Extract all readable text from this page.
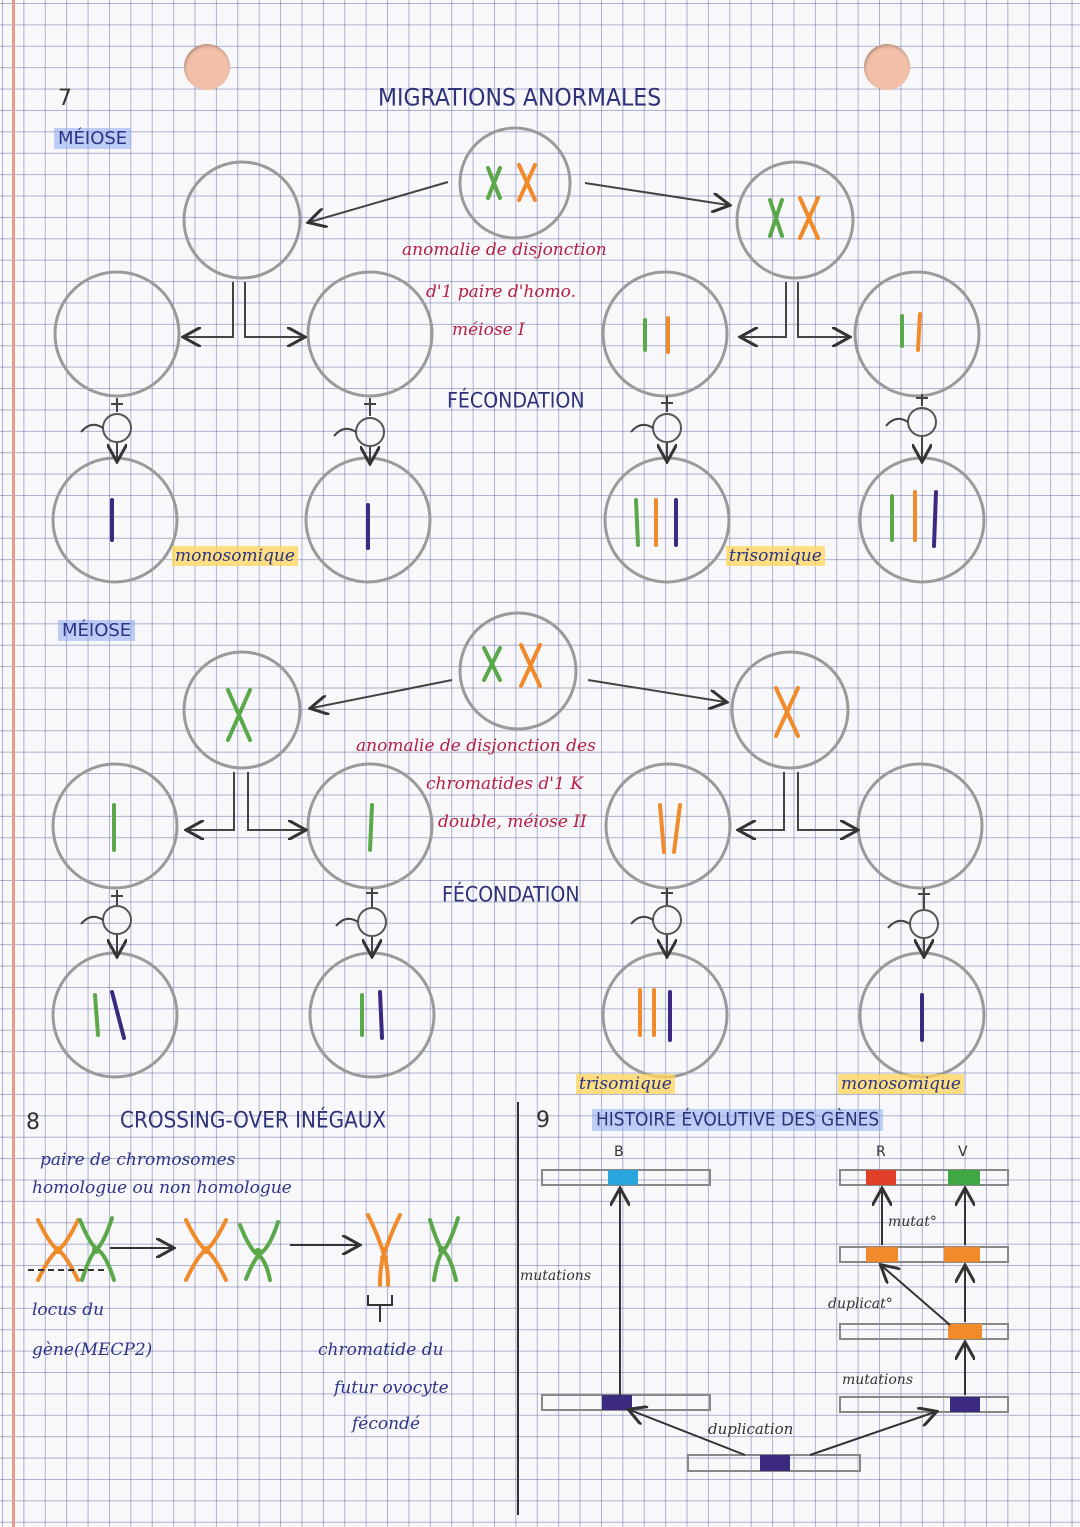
7	MIGRATIONS ANORMALES
MÉIOSE
anomalie de disjonction
d'1 paire d'homo.
méiose I
FÉCONDATION
monosomique	trisomique
MÉIOSE
anomalie de disjonction des
chromatides d'1 K
double, méiose II
FÉCONDATION
trisomique	monosomique
8	CROSSING-OVER INÉGAUX
paire de chromosomes
homologue ou non homologue
locus du
gène(MECP2)	chromatide du
futur ovocyte
fécondé
9	HISTOIRE ÉVOLUTIVE DES GÈNES
B	R	V
mutations
mutat°
duplicat°
mutations
duplication
